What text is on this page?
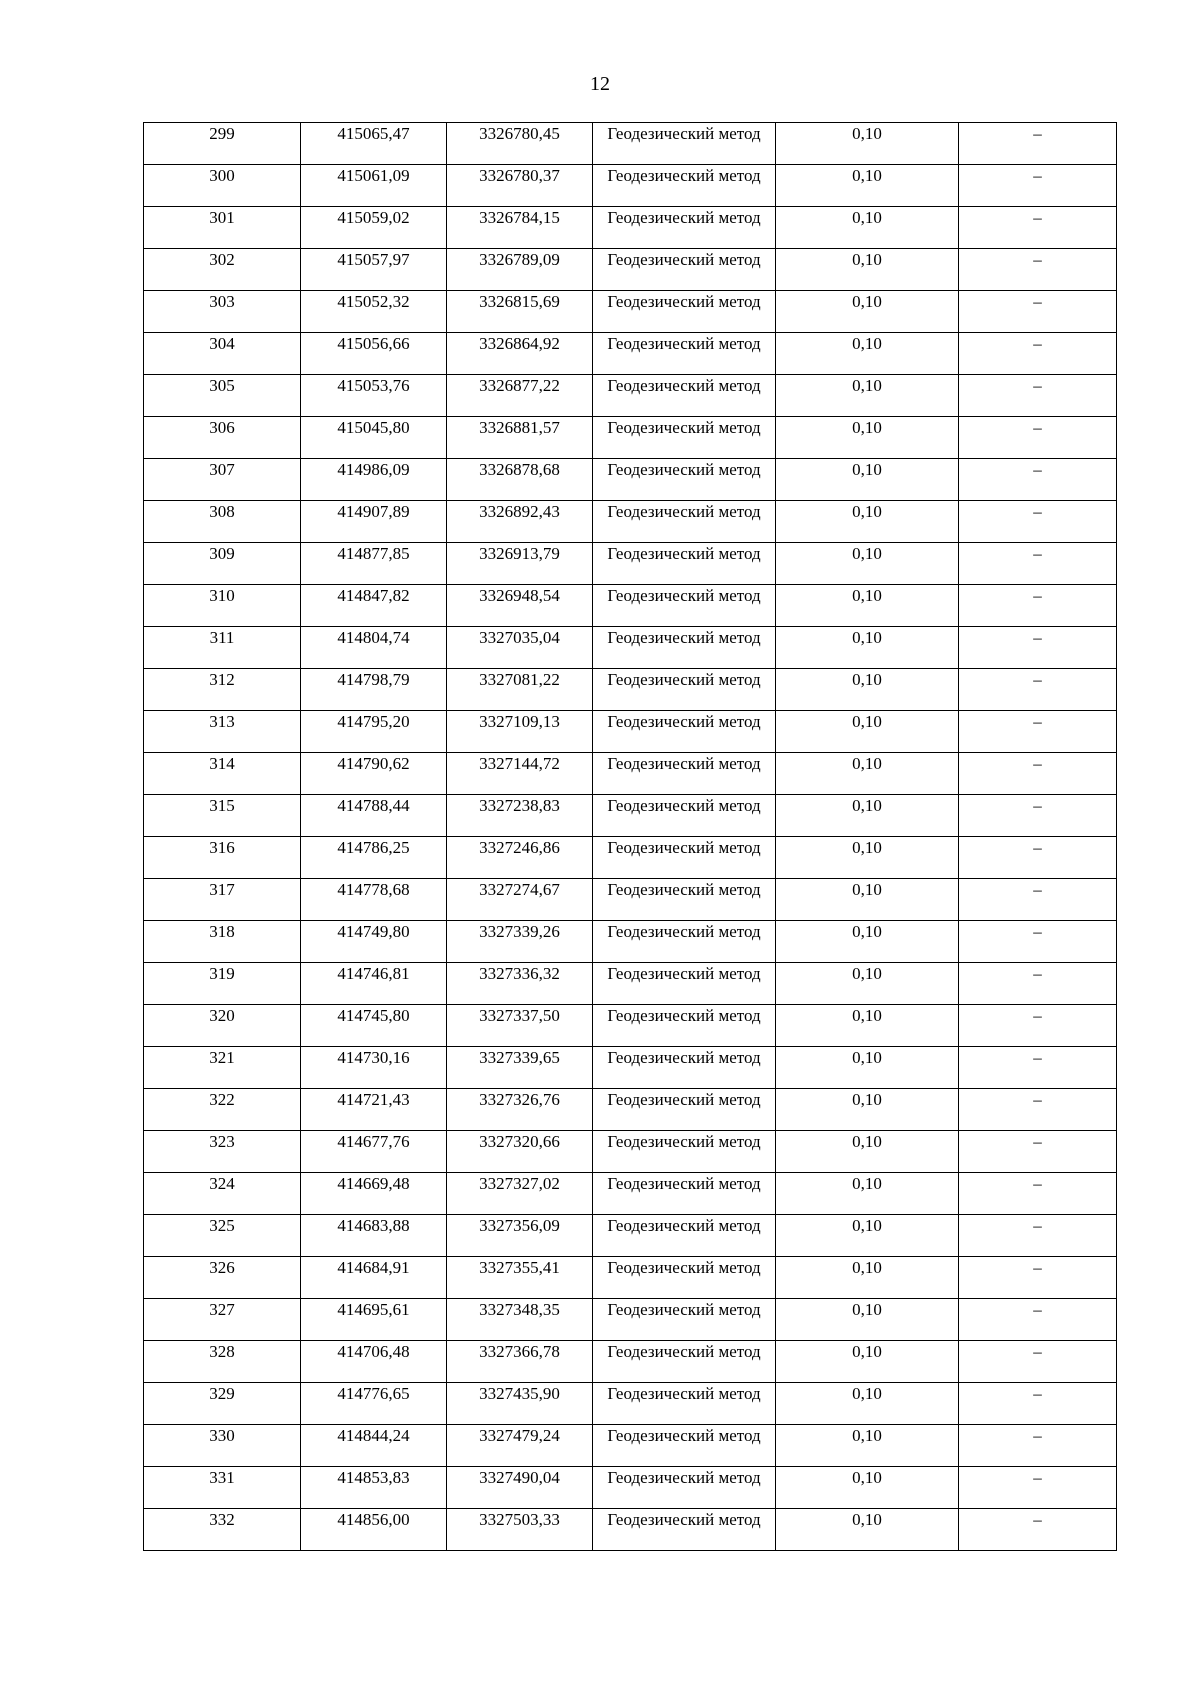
12
299	415065,47	3326780,45	Геодезический метод	0,10	–
300	415061,09	3326780,37	Геодезический метод	0,10	–
301	415059,02	3326784,15	Геодезический метод	0,10	–
302	415057,97	3326789,09	Геодезический метод	0,10	–
303	415052,32	3326815,69	Геодезический метод	0,10	–
304	415056,66	3326864,92	Геодезический метод	0,10	–
305	415053,76	3326877,22	Геодезический метод	0,10	–
306	415045,80	3326881,57	Геодезический метод	0,10	–
307	414986,09	3326878,68	Геодезический метод	0,10	–
308	414907,89	3326892,43	Геодезический метод	0,10	–
309	414877,85	3326913,79	Геодезический метод	0,10	–
310	414847,82	3326948,54	Геодезический метод	0,10	–
311	414804,74	3327035,04	Геодезический метод	0,10	–
312	414798,79	3327081,22	Геодезический метод	0,10	–
313	414795,20	3327109,13	Геодезический метод	0,10	–
314	414790,62	3327144,72	Геодезический метод	0,10	–
315	414788,44	3327238,83	Геодезический метод	0,10	–
316	414786,25	3327246,86	Геодезический метод	0,10	–
317	414778,68	3327274,67	Геодезический метод	0,10	–
318	414749,80	3327339,26	Геодезический метод	0,10	–
319	414746,81	3327336,32	Геодезический метод	0,10	–
320	414745,80	3327337,50	Геодезический метод	0,10	–
321	414730,16	3327339,65	Геодезический метод	0,10	–
322	414721,43	3327326,76	Геодезический метод	0,10	–
323	414677,76	3327320,66	Геодезический метод	0,10	–
324	414669,48	3327327,02	Геодезический метод	0,10	–
325	414683,88	3327356,09	Геодезический метод	0,10	–
326	414684,91	3327355,41	Геодезический метод	0,10	–
327	414695,61	3327348,35	Геодезический метод	0,10	–
328	414706,48	3327366,78	Геодезический метод	0,10	–
329	414776,65	3327435,90	Геодезический метод	0,10	–
330	414844,24	3327479,24	Геодезический метод	0,10	–
331	414853,83	3327490,04	Геодезический метод	0,10	–
332	414856,00	3327503,33	Геодезический метод	0,10	–
